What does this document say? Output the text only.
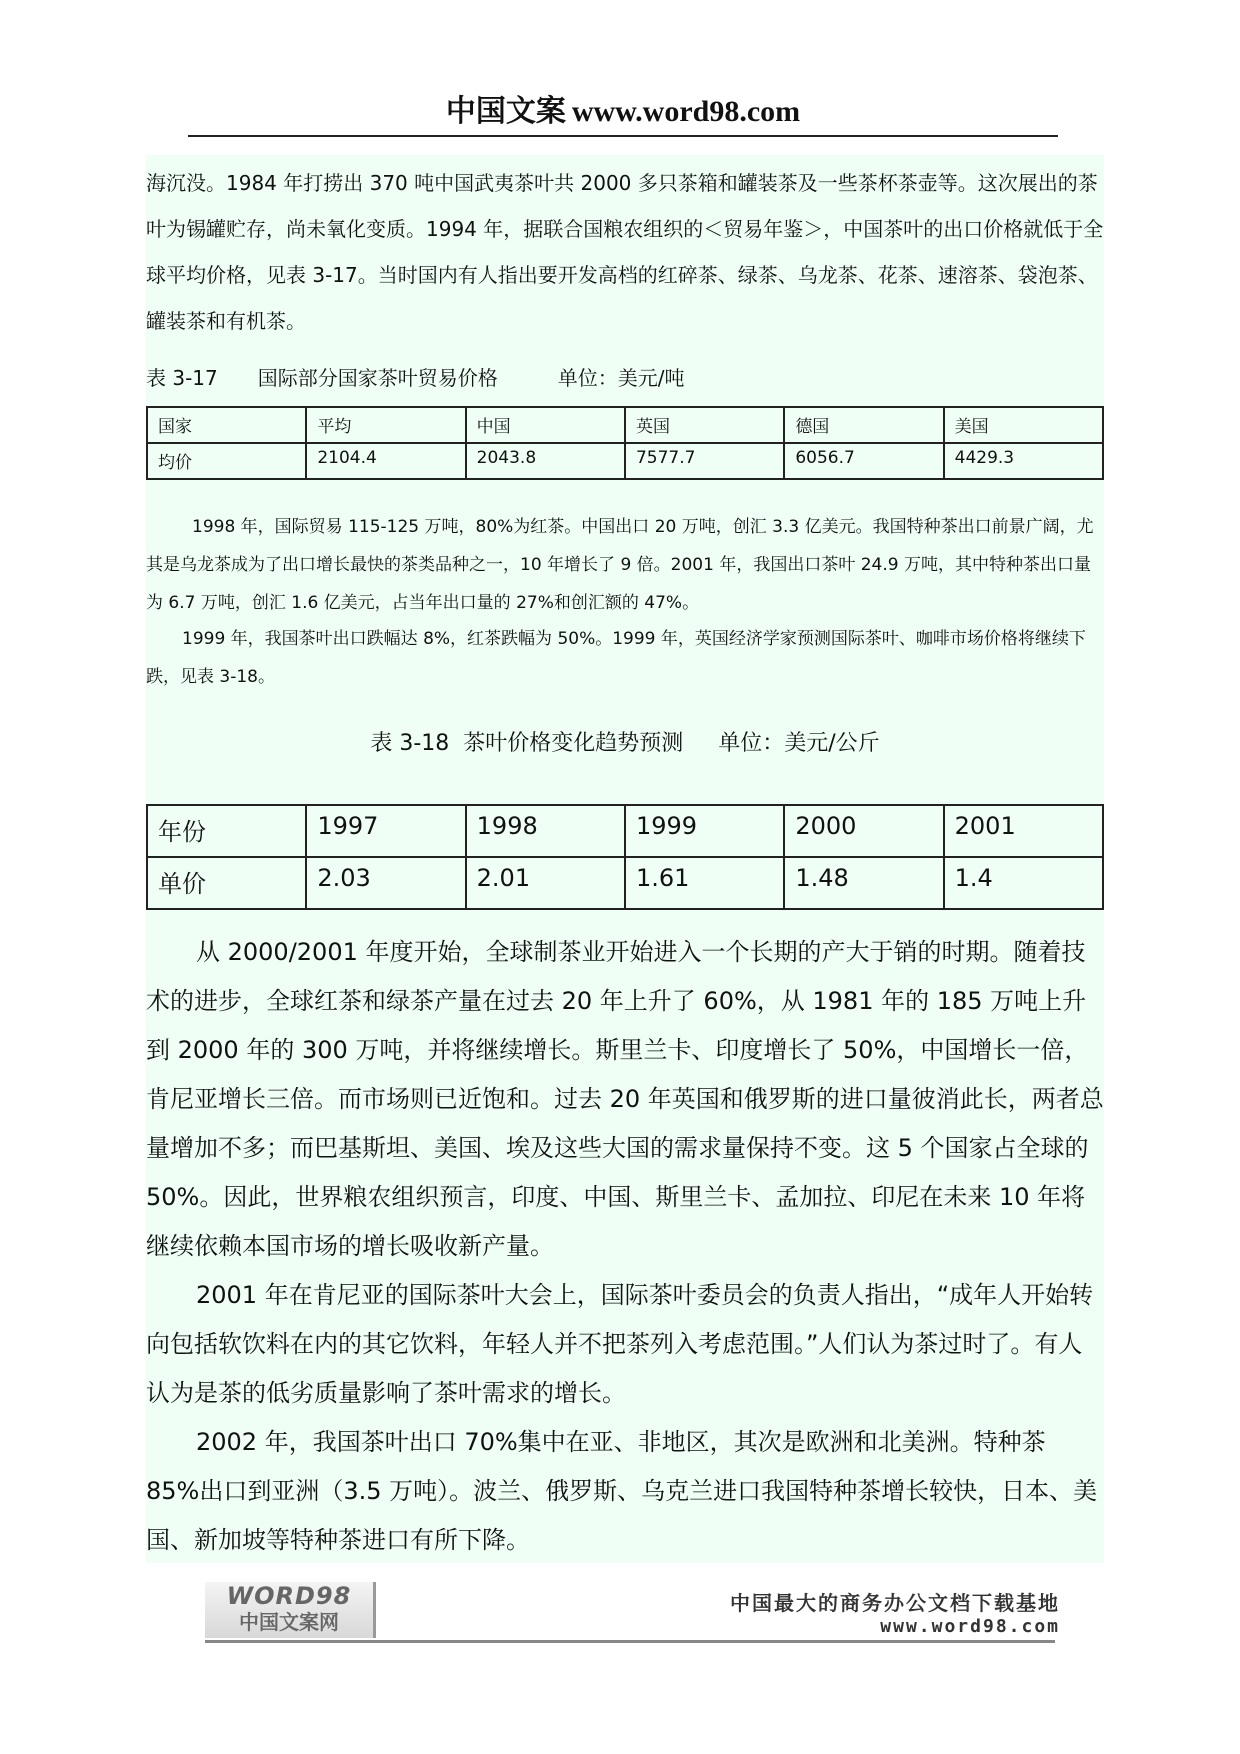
中国文案 www.word98.com
海沉没。1984 年打捞出 370 吨中国武夷茶叶共 2000 多只茶箱和罐装茶及一些茶杯茶壶等。这次展出的茶叶为锡罐贮存，尚未氧化变质。1994 年，据联合国粮农组织的＜贸易年鉴＞，中国茶叶的出口价格就低于全球平均价格，见表 3-17。当时国内有人指出要开发高档的红碎茶、绿茶、乌龙茶、花茶、速溶茶、袋泡茶、罐装茶和有机茶。
表 3-17　　国际部分国家茶叶贸易价格　　　单位：美元/吨
国家	平均	中国	英国	德国	美国
均价	2104.4	2043.8	7577.7	6056.7	4429.3
1998 年，国际贸易 115-125 万吨，80%为红茶。中国出口 20 万吨，创汇 3.3 亿美元。我国特种茶出口前景广阔，尤其是乌龙茶成为了出口增长最快的茶类品种之一，10 年增长了 9 倍。2001 年，我国出口茶叶 24.9 万吨，其中特种茶出口量为 6.7 万吨，创汇 1.6 亿美元，占当年出口量的 27%和创汇额的 47%。
1999 年，我国茶叶出口跌幅达 8%，红茶跌幅为 50%。1999 年，英国经济学家预测国际茶叶、咖啡市场价格将继续下跌，见表 3-18。
表 3-18  茶叶价格变化趋势预测     单位：美元/公斤
年份	1997	1998	1999	2000	2001
单价	2.03	2.01	1.61	1.48	1.4

从 2000/2001 年度开始，全球制茶业开始进入一个长期的产大于销的时期。随着技术的进步，全球红茶和绿茶产量在过去 20 年上升了 60%，从 1981 年的 185 万吨上升到 2000 年的 300 万吨，并将继续增长。斯里兰卡、印度增长了 50%，中国增长一倍，肯尼亚增长三倍。而市场则已近饱和。过去 20 年英国和俄罗斯的进口量彼消此长，两者总量增加不多；而巴基斯坦、美国、埃及这些大国的需求量保持不变。这 5 个国家占全球的 50%。因此，世界粮农组织预言，印度、中国、斯里兰卡、孟加拉、印尼在未来 10 年将继续依赖本国市场的增长吸收新产量。

2001 年在肯尼亚的国际茶叶大会上，国际茶叶委员会的负责人指出，“成年人开始转向包括软饮料在内的其它饮料，年轻人并不把茶列入考虑范围。”人们认为茶过时了。有人认为是茶的低劣质量影响了茶叶需求的增长。

2002 年，我国茶叶出口 70%集中在亚、非地区，其次是欧洲和北美洲。特种茶 85%出口到亚洲（3.5 万吨）。波兰、俄罗斯、乌克兰进口我国特种茶增长较快，日本、美国、新加坡等特种茶进口有所下降。

WORD98
中国文案网
中国最大的商务办公文档下载基地
www.word98.com
